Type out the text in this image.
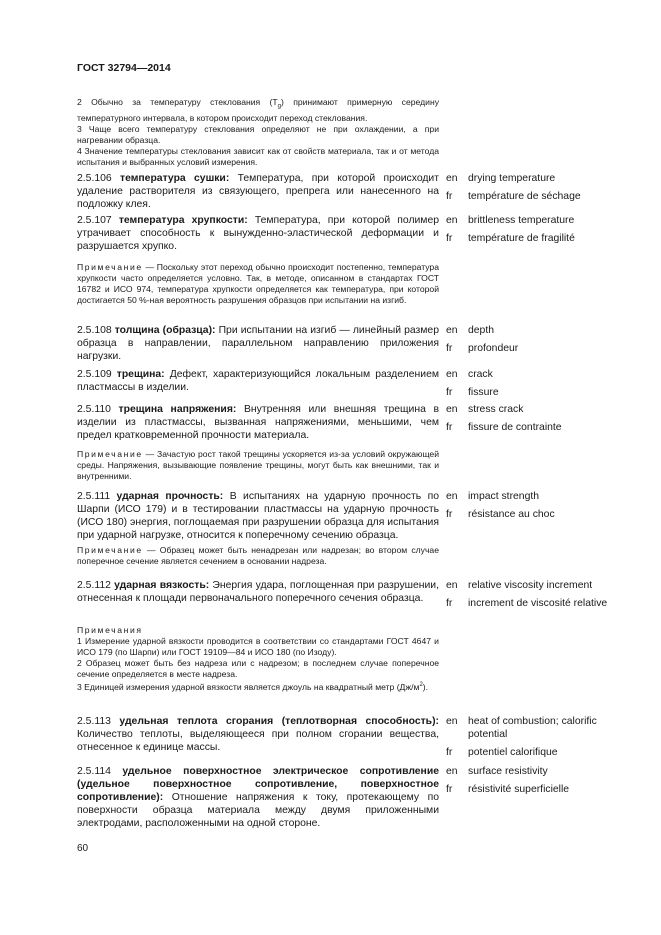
ГОСТ 32794—2014

2 Обычно за температуру стеклования $(T_g)$ принимают примерную середину температурного интервала, в котором происходит переход стеклования.

3 Чаще всего температуру стеклования определяют не при охлаждении, а при нагревании образца.

4 Значение температуры стеклования зависит как от свойств материала, так и от метода испытания и выбранных условий измерения.

2.5.106 температура сушки: Температура, при которой происходит удаление растворителя из связующего, препрега или нанесенного на подложку клея.

en	drying temperature
fr	température de séchage

2.5.107 температура хрупкости: Температура, при которой полимер утрачивает способность к вынужденно-эластической деформации и разрушается хрупко.

Примечание — Поскольку этот переход обычно происходит постепенно, температура хрупкости часто определяется условно. Так, в методе, описанном в стандартах ГОСТ 16782 и ИСО 974, температура хрупкости определяется как температура, при которой достигается 50 %-ная вероятность разрушения образцов при испытании на изгиб.

en	brittleness temperature
fr	température de fragilité

2.5.108 толщина (образца): При испытании на изгиб — линейный размер образца в направлении, параллельном направлению приложения нагрузки.

en	depth
fr	profondeur

2.5.109 трещина: Дефект, характеризующийся локальным разделением пластмассы в изделии.

en	crack
fr	fissure

2.5.110 трещина напряжения: Внутренняя или внешняя трещина в изделии из пластмассы, вызванная напряжениями, меньшими, чем предел кратковременной прочности материала.

Примечание — Зачастую рост такой трещины ускоряется из-за условий окружающей среды. Напряжения, вызывающие появление трещины, могут быть как внешними, так и внутренними.

en	stress crack
fr	fissure de contrainte

2.5.111 ударная прочность: В испытаниях на ударную прочность по Шарпи (ИСО 179) и в тестировании пластмассы на ударную прочность (ИСО 180) энергия, поглощаемая при разрушении образца для испытания при ударной нагрузке, относится к поперечному сечению образца.

Примечание — Образец может быть ненадрезан или надрезан; во втором случае поперечное сечение является сечением в основании надреза.

en	impact strength
fr	résistance au choc

2.5.112 ударная вязкость: Энергия удара, поглощенная при разрушении, отнесенная к площади первоначального поперечного сечения образца.

Примечания

1 Измерение ударной вязкости проводится в соответствии со стандартами ГОСТ 4647 и ИСО 179 (по Шарпи) или ГОСТ 19109—84 и ИСО 180 (по Изоду).

2 Образец может быть без надреза или с надрезом; в последнем случае поперечное сечение определяется в месте надреза.

3 Единицей измерения ударной вязкости является джоуль на квадратный метр $(Дж/м^2)$.

en	relative viscosity increment
fr	increment de viscosité relative

2.5.113 удельная теплота сгорания (теплотворная способность): Количество теплоты, выделяющееся при полном сгорании вещества, отнесенное к единице массы.

en	heat of combustion; calorific potential
fr	potentiel calorifique

2.5.114 удельное поверхностное электрическое сопротивление (удельное поверхностное сопротивление, поверхностное сопротивление): Отношение напряжения к току, протекающему по поверхности образца материала между двумя приложенными электродами, расположенными на одной стороне.

en	surface resistivity
fr	résistivité superficielle
60
